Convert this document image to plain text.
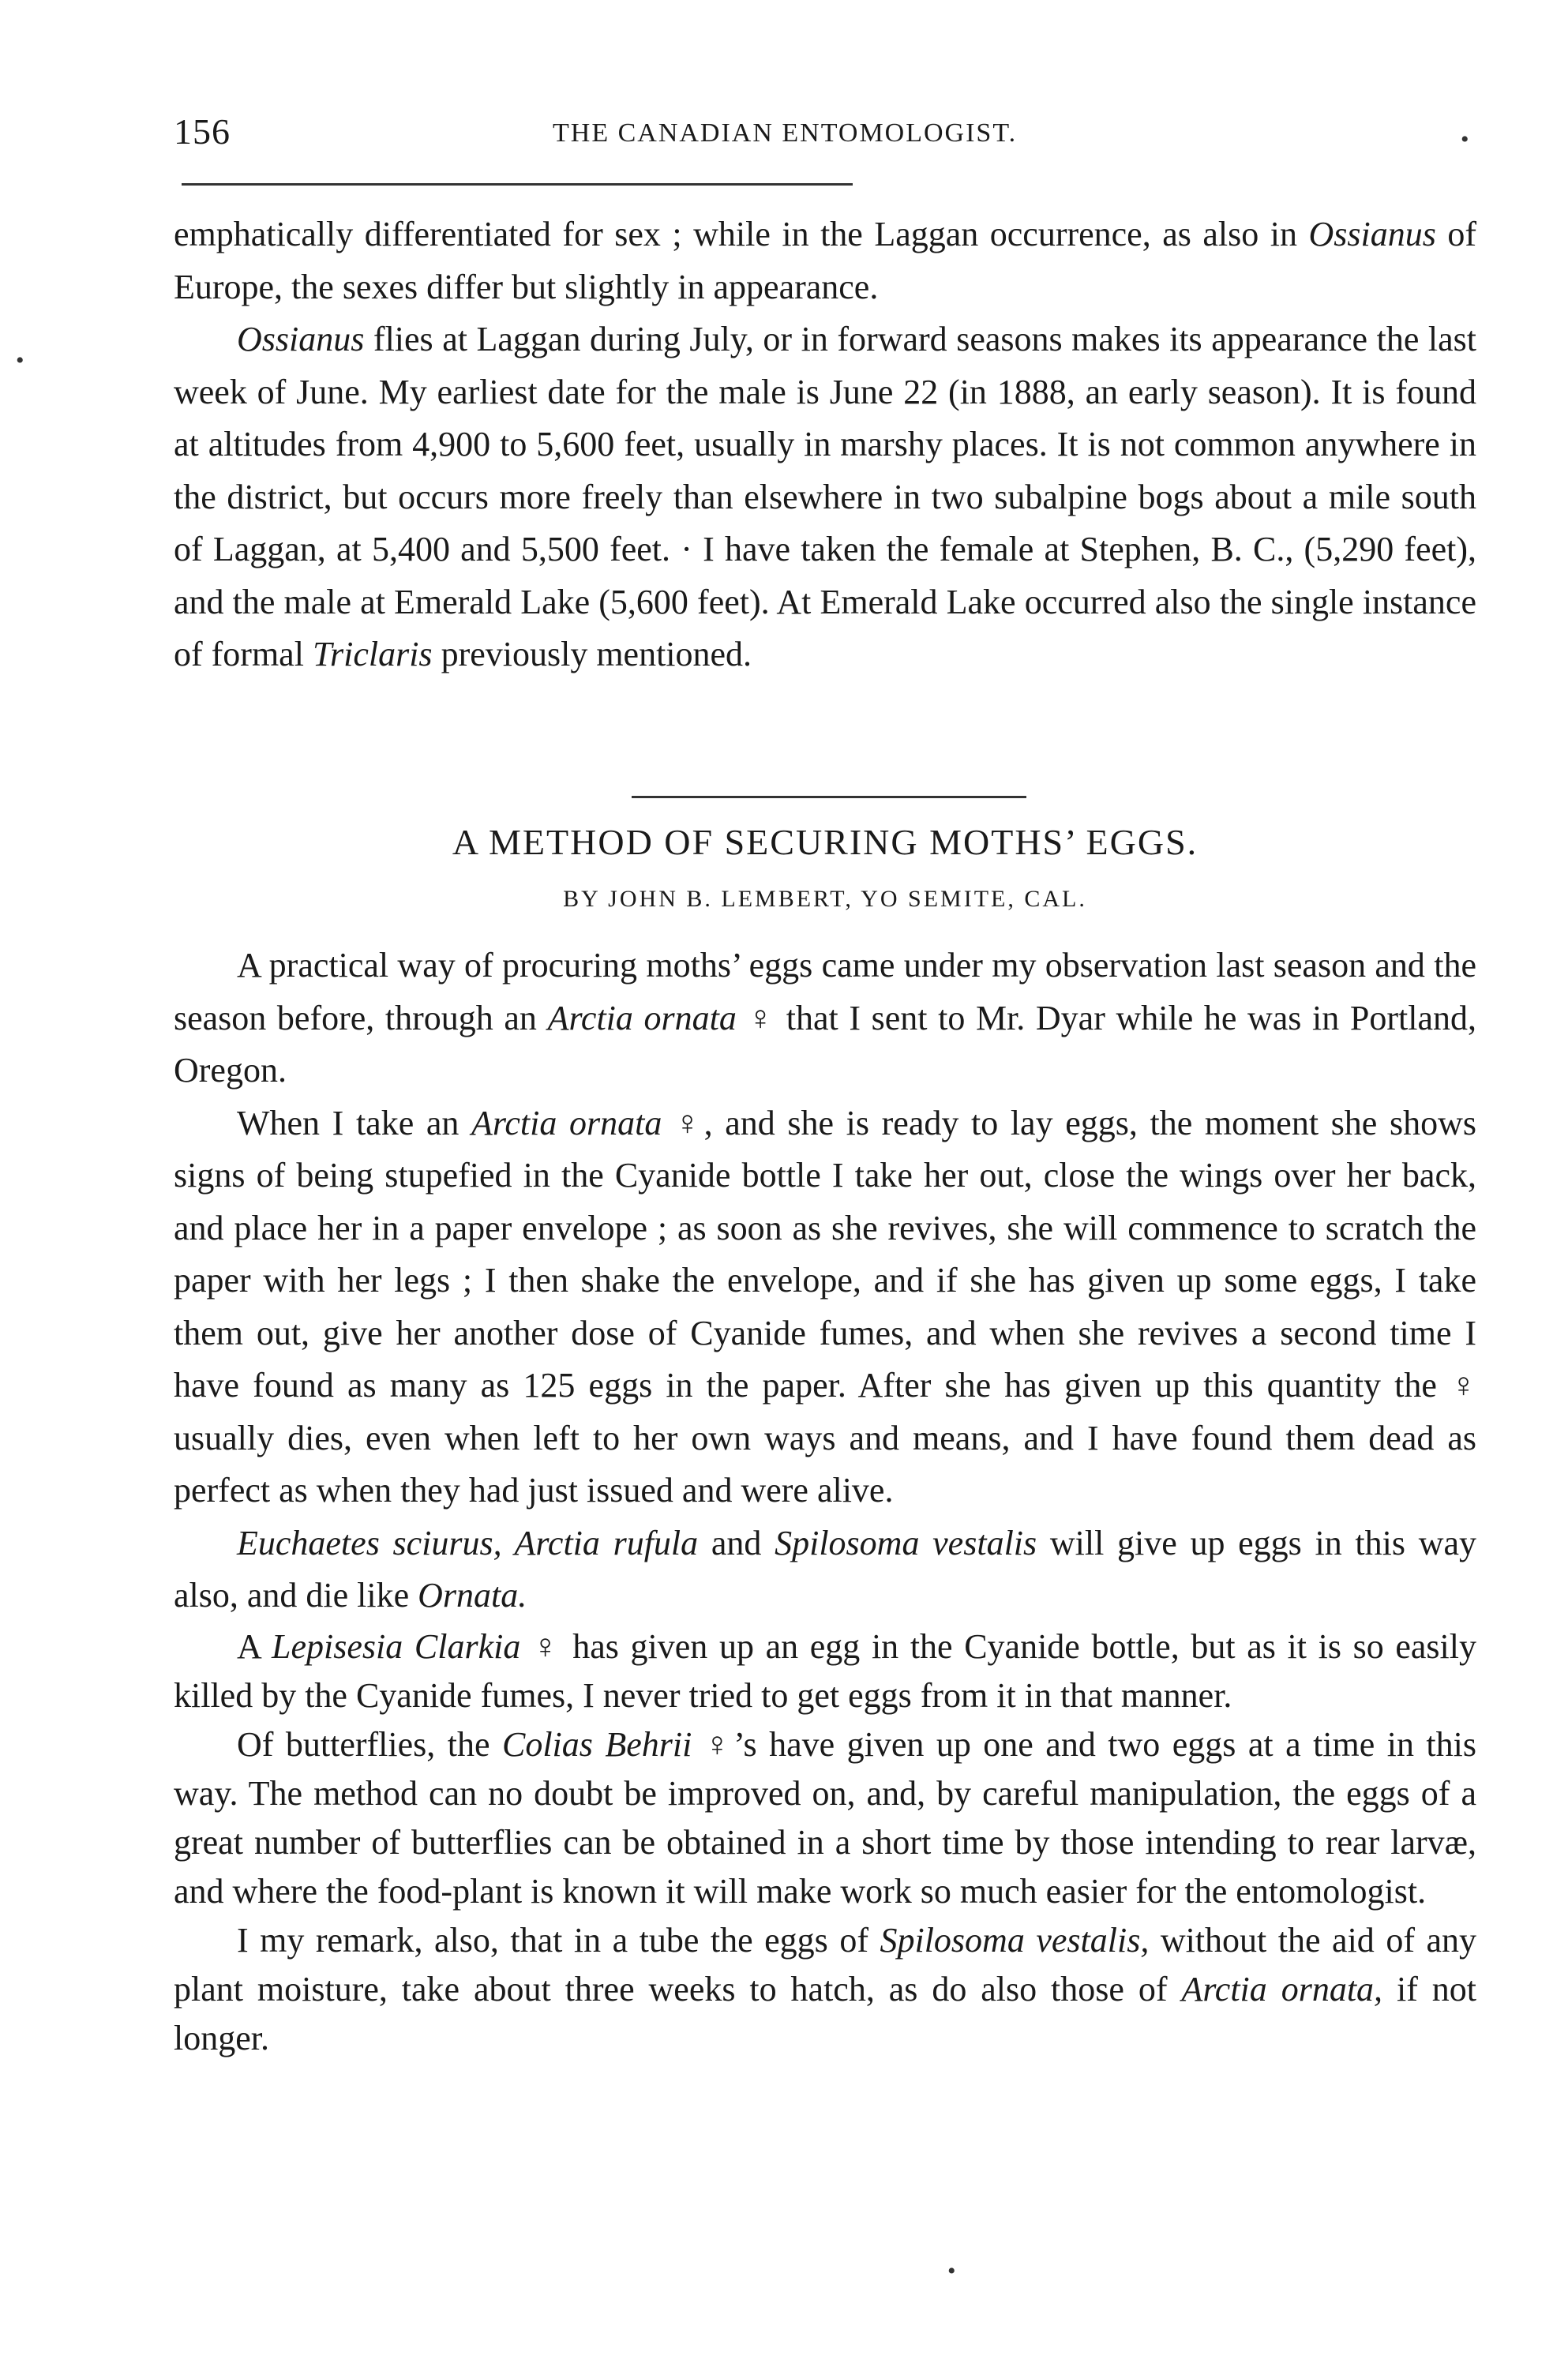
156	THE CANADIAN ENTOMOLOGIST.

emphatically differentiated for sex ; while in the Laggan occurrence, as also in Ossianus of Europe, the sexes differ but slightly in appearance.

Ossianus flies at Laggan during July, or in forward seasons makes its appearance the last week of June. My earliest date for the male is June 22 (in 1888, an early season). It is found at altitudes from 4,900 to 5,600 feet, usually in marshy places. It is not common anywhere in the district, but occurs more freely than elsewhere in two subalpine bogs about a mile south of Laggan, at 5,400 and 5,500 feet. · I have taken the female at Stephen, B. C., (5,290 feet), and the male at Emerald Lake (5,600 feet). At Emerald Lake occurred also the single instance of formal Triclaris previously mentioned.

A METHOD OF SECURING MOTHS’ EGGS.
BY JOHN B. LEMBERT, YO SEMITE, CAL.

A practical way of procuring moths’ eggs came under my observation last season and the season before, through an Arctia ornata ♀ that I sent to Mr. Dyar while he was in Portland, Oregon.

When I take an Arctia ornata ♀, and she is ready to lay eggs, the moment she shows signs of being stupefied in the Cyanide bottle I take her out, close the wings over her back, and place her in a paper envelope ; as soon as she revives, she will commence to scratch the paper with her legs ; I then shake the envelope, and if she has given up some eggs, I take them out, give her another dose of Cyanide fumes, and when she revives a second time I have found as many as 125 eggs in the paper. After she has given up this quantity the ♀ usually dies, even when left to her own ways and means, and I have found them dead as perfect as when they had just issued and were alive.

Euchaetes sciurus, Arctia rufula and Spilosoma vestalis will give up eggs in this way also, and die like Ornata.

A Lepisesia Clarkia ♀ has given up an egg in the Cyanide bottle, but as it is so easily killed by the Cyanide fumes, I never tried to get eggs from it in that manner.

Of butterflies, the Colias Behrii ♀’s have given up one and two eggs at a time in this way. The method can no doubt be improved on, and, by careful manipulation, the eggs of a great number of butterflies can be obtained in a short time by those intending to rear larvæ, and where the food-plant is known it will make work so much easier for the entomologist.

I my remark, also, that in a tube the eggs of Spilosoma vestalis, without the aid of any plant moisture, take about three weeks to hatch, as do also those of Arctia ornata, if not longer.

•
•
•
